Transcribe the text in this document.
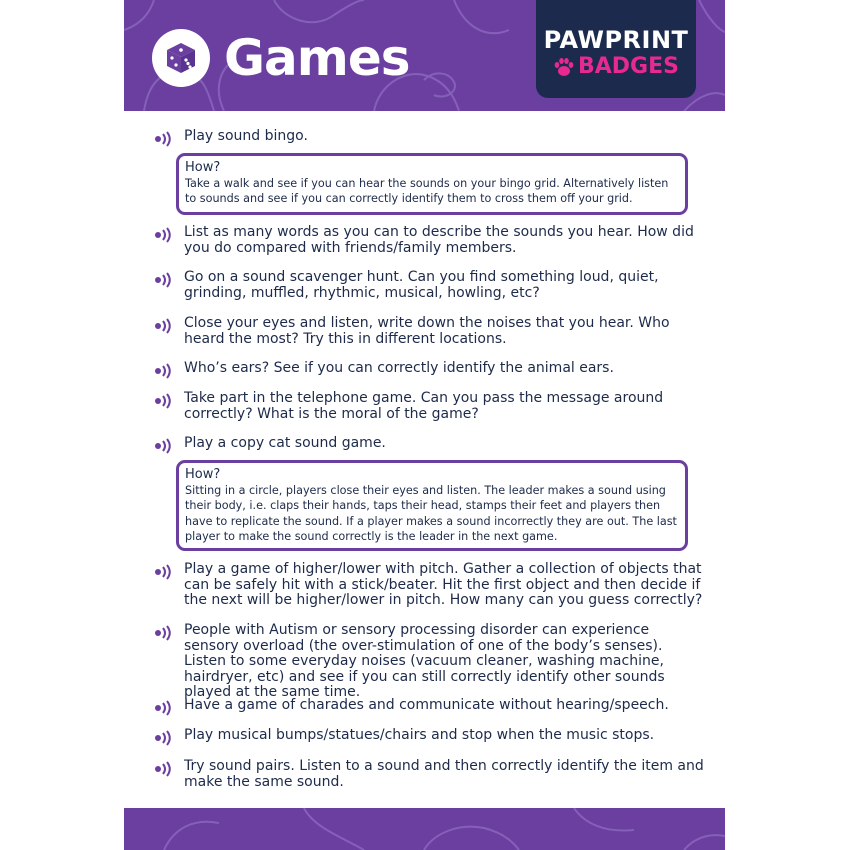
Games	PAWPRINT
BADGES
Play sound bingo.
How?
Take a walk and see if you can hear the sounds on your bingo grid. Alternatively listen to sounds and see if you can correctly identify them to cross them off your grid.
List as many words as you can to describe the sounds you hear. How did you do compared with friends/family members.
Go on a sound scavenger hunt. Can you find something loud, quiet, grinding, muffled, rhythmic, musical, howling, etc?
Close your eyes and listen, write down the noises that you hear. Who heard the most? Try this in different locations.
Who’s ears? See if you can correctly identify the animal ears.
Take part in the telephone game. Can you pass the message around correctly? What is the moral of the game?
Play a copy cat sound game.
How?
Sitting in a circle, players close their eyes and listen. The leader makes a sound using their body, i.e. claps their hands, taps their head, stamps their feet and players then have to replicate the sound. If a player makes a sound incorrectly they are out. The last player to make the sound correctly is the leader in the next game.
Play a game of higher/lower with pitch. Gather a collection of objects that can be safely hit with a stick/beater. Hit the first object and then decide if the next will be higher/lower in pitch. How many can you guess correctly?
People with Autism or sensory processing disorder can experience sensory overload (the over-stimulation of one of the body’s senses). Listen to some everyday noises (vacuum cleaner, washing machine, hairdryer, etc) and see if you can still correctly identify other sounds played at the same time.
Have a game of charades and communicate without hearing/speech.
Play musical bumps/statues/chairs and stop when the music stops.
Try sound pairs. Listen to a sound and then correctly identify the item and make the same sound.
